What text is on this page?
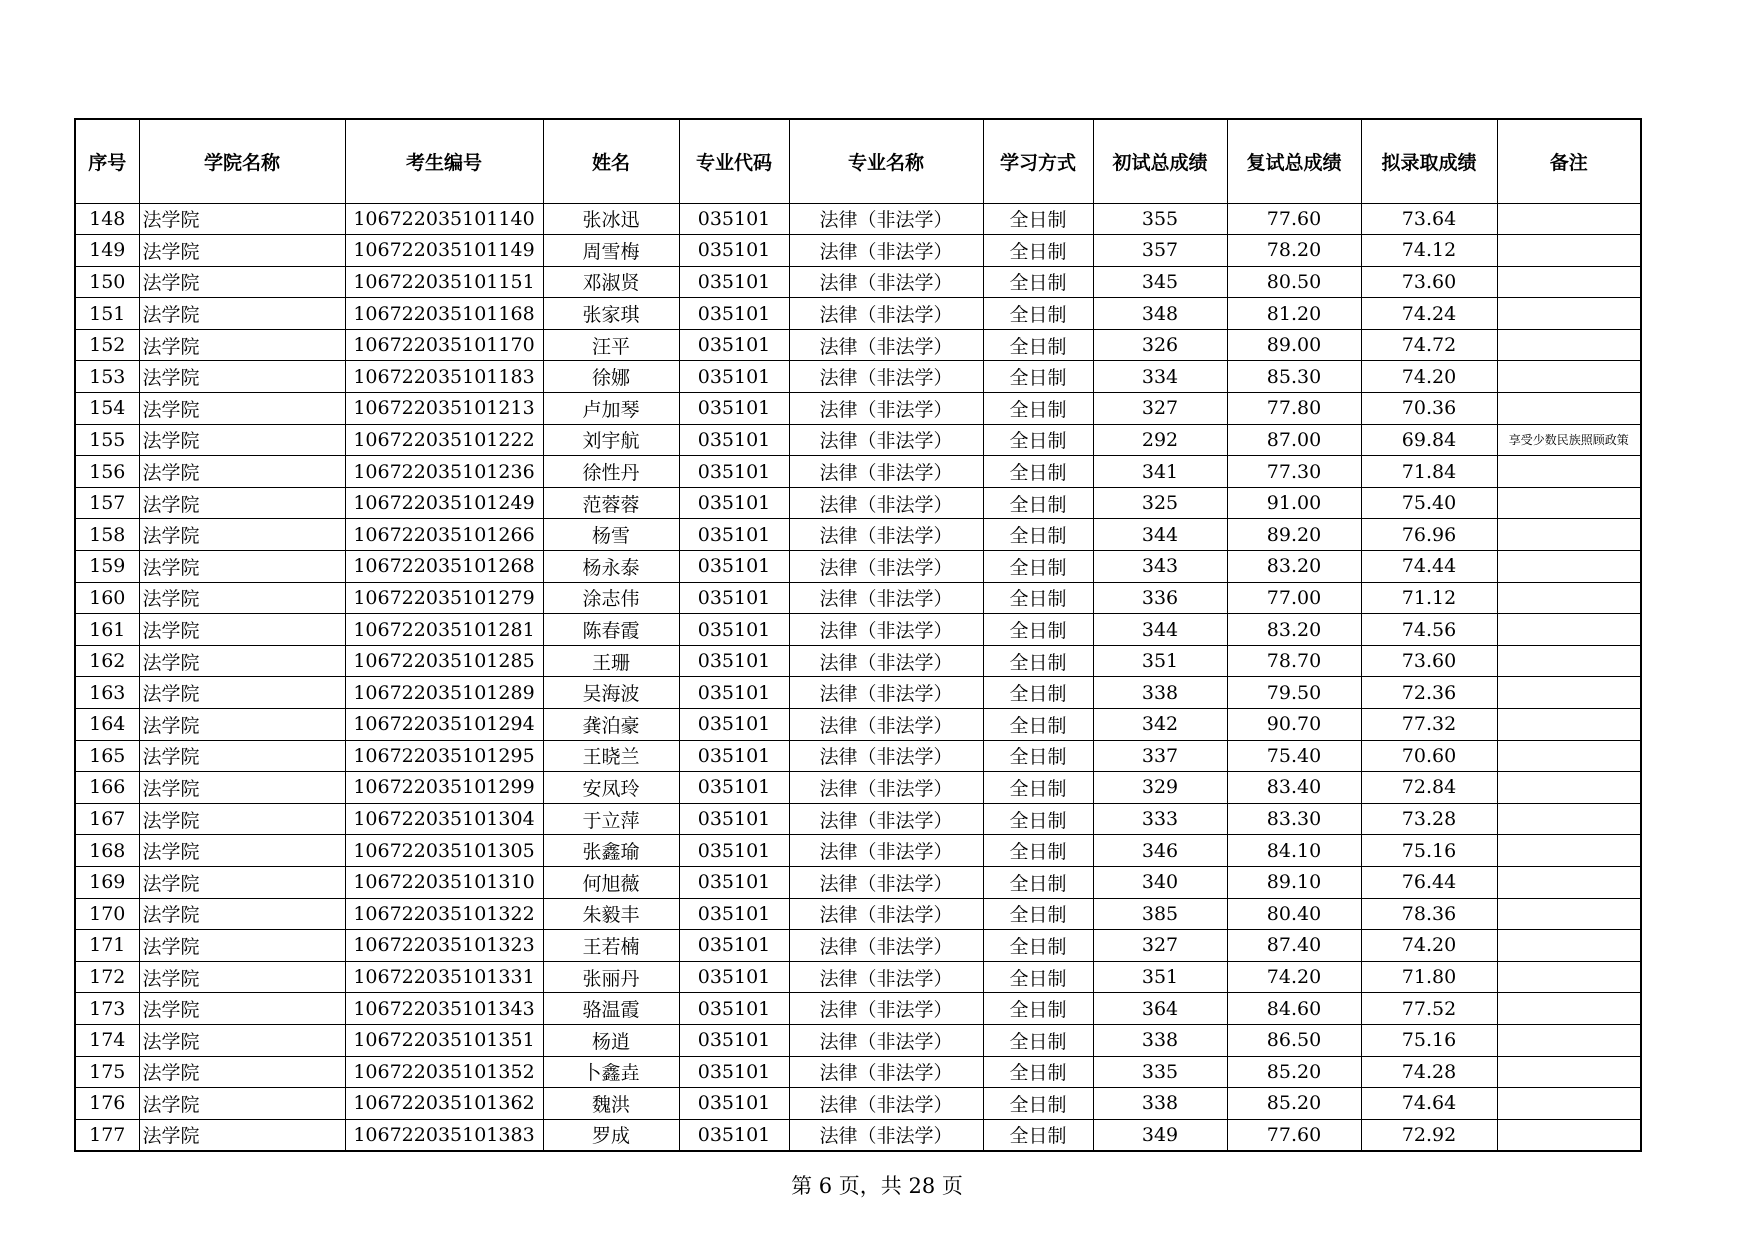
序号	学院名称	考生编号	姓名	专业代码	专业名称	学习方式	初试总成绩	复试总成绩	拟录取成绩	备注
148	法学院	106722035101140	张冰迅	035101	法律（非法学）	全日制	355	77.60	73.64	
149	法学院	106722035101149	周雪梅	035101	法律（非法学）	全日制	357	78.20	74.12	
150	法学院	106722035101151	邓淑贤	035101	法律（非法学）	全日制	345	80.50	73.60	
151	法学院	106722035101168	张家琪	035101	法律（非法学）	全日制	348	81.20	74.24	
152	法学院	106722035101170	汪平	035101	法律（非法学）	全日制	326	89.00	74.72	
153	法学院	106722035101183	徐娜	035101	法律（非法学）	全日制	334	85.30	74.20	
154	法学院	106722035101213	卢加琴	035101	法律（非法学）	全日制	327	77.80	70.36	
155	法学院	106722035101222	刘宇航	035101	法律（非法学）	全日制	292	87.00	69.84	享受少数民族照顾政策
156	法学院	106722035101236	徐性丹	035101	法律（非法学）	全日制	341	77.30	71.84	
157	法学院	106722035101249	范蓉蓉	035101	法律（非法学）	全日制	325	91.00	75.40	
158	法学院	106722035101266	杨雪	035101	法律（非法学）	全日制	344	89.20	76.96	
159	法学院	106722035101268	杨永泰	035101	法律（非法学）	全日制	343	83.20	74.44	
160	法学院	106722035101279	涂志伟	035101	法律（非法学）	全日制	336	77.00	71.12	
161	法学院	106722035101281	陈春霞	035101	法律（非法学）	全日制	344	83.20	74.56	
162	法学院	106722035101285	王珊	035101	法律（非法学）	全日制	351	78.70	73.60	
163	法学院	106722035101289	吴海波	035101	法律（非法学）	全日制	338	79.50	72.36	
164	法学院	106722035101294	龚泊豪	035101	法律（非法学）	全日制	342	90.70	77.32	
165	法学院	106722035101295	王晓兰	035101	法律（非法学）	全日制	337	75.40	70.60	
166	法学院	106722035101299	安凤玲	035101	法律（非法学）	全日制	329	83.40	72.84	
167	法学院	106722035101304	于立萍	035101	法律（非法学）	全日制	333	83.30	73.28	
168	法学院	106722035101305	张鑫瑜	035101	法律（非法学）	全日制	346	84.10	75.16	
169	法学院	106722035101310	何旭薇	035101	法律（非法学）	全日制	340	89.10	76.44	
170	法学院	106722035101322	朱毅丰	035101	法律（非法学）	全日制	385	80.40	78.36	
171	法学院	106722035101323	王若楠	035101	法律（非法学）	全日制	327	87.40	74.20	
172	法学院	106722035101331	张丽丹	035101	法律（非法学）	全日制	351	74.20	71.80	
173	法学院	106722035101343	骆温霞	035101	法律（非法学）	全日制	364	84.60	77.52	
174	法学院	106722035101351	杨逍	035101	法律（非法学）	全日制	338	86.50	75.16	
175	法学院	106722035101352	卜鑫垚	035101	法律（非法学）	全日制	335	85.20	74.28	
176	法学院	106722035101362	魏洪	035101	法律（非法学）	全日制	338	85.20	74.64	
177	法学院	106722035101383	罗成	035101	法律（非法学）	全日制	349	77.60	72.92	
第 6 页，共 28 页
